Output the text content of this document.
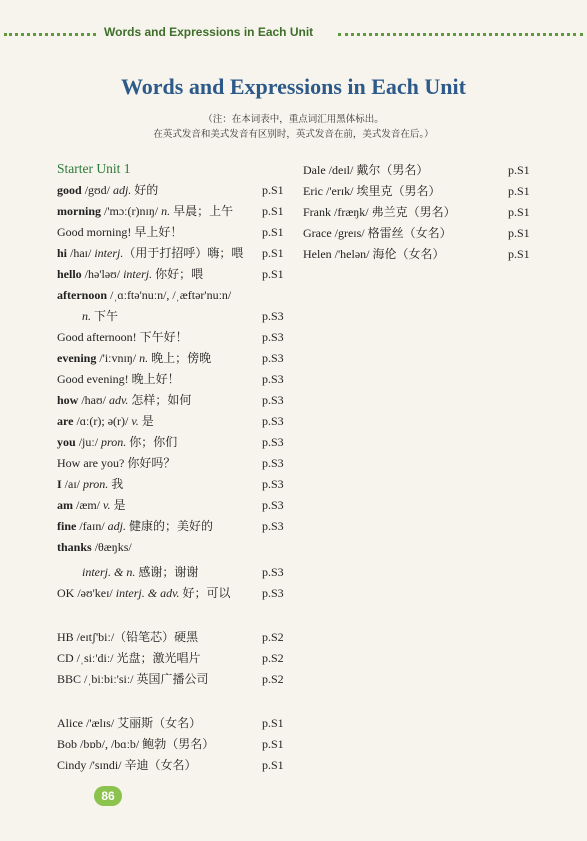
Words and Expressions in Each Unit
Words and Expressions in Each Unit
（注：在本词表中，重点词汇用黑体标出。
在英式发音和美式发音有区别时，英式发音在前，美式发音在后。）
Starter Unit 1
good /gʊd/ adj. 好的	p.S1
morning /'mɔː(r)nɪŋ/ n. 早晨；上午 p.S1
Good morning! 早上好！	p.S1
hi /haɪ/ interj.（用于打招呼）嗨；喂 p.S1
hello /hə'ləʊ/ interj. 你好；喂	p.S1
afternoon /ˌɑːftə'nuːn/, /ˌæftər'nuːn/
n. 下午	p.S3
Good afternoon! 下午好！	p.S3
evening /'iːvnɪŋ/ n. 晚上；傍晚	p.S3
Good evening! 晚上好！	p.S3
how /haʊ/ adv. 怎样；如何	p.S3
are /ɑː(r); ə(r)/ v. 是	p.S3
you /juː/ pron. 你；你们	p.S3
How are you? 你好吗？	p.S3
I /aɪ/ pron. 我	p.S3
am /æm/ v. 是	p.S3
fine /faɪn/ adj. 健康的；美好的	p.S3
thanks /θæŋks/
interj. & n. 感谢；谢谢	p.S3
OK /əʊ'keɪ/ interj. & adv. 好；可以	p.S3
HB /eɪtʃ'biː/（铅笔芯）硬黑	p.S2
CD /ˌsiː'diː/ 光盘；激光唱片	p.S2
BBC /ˌbiːbiː'siː/ 英国广播公司	p.S2
Alice /'ælɪs/ 艾丽斯（女名）	p.S1
Bob /bɒb/, /bɑːb/ 鲍勃（男名）	p.S1
Cindy /'sɪndi/ 辛迪（女名）	p.S1
Dale /deɪl/ 戴尔（男名）	p.S1
Eric /'erɪk/ 埃里克（男名）	p.S1
Frank /fræŋk/ 弗兰克（男名）	p.S1
Grace /greɪs/ 格雷丝（女名）	p.S1
Helen /'helən/ 海伦（女名）	p.S1
86
